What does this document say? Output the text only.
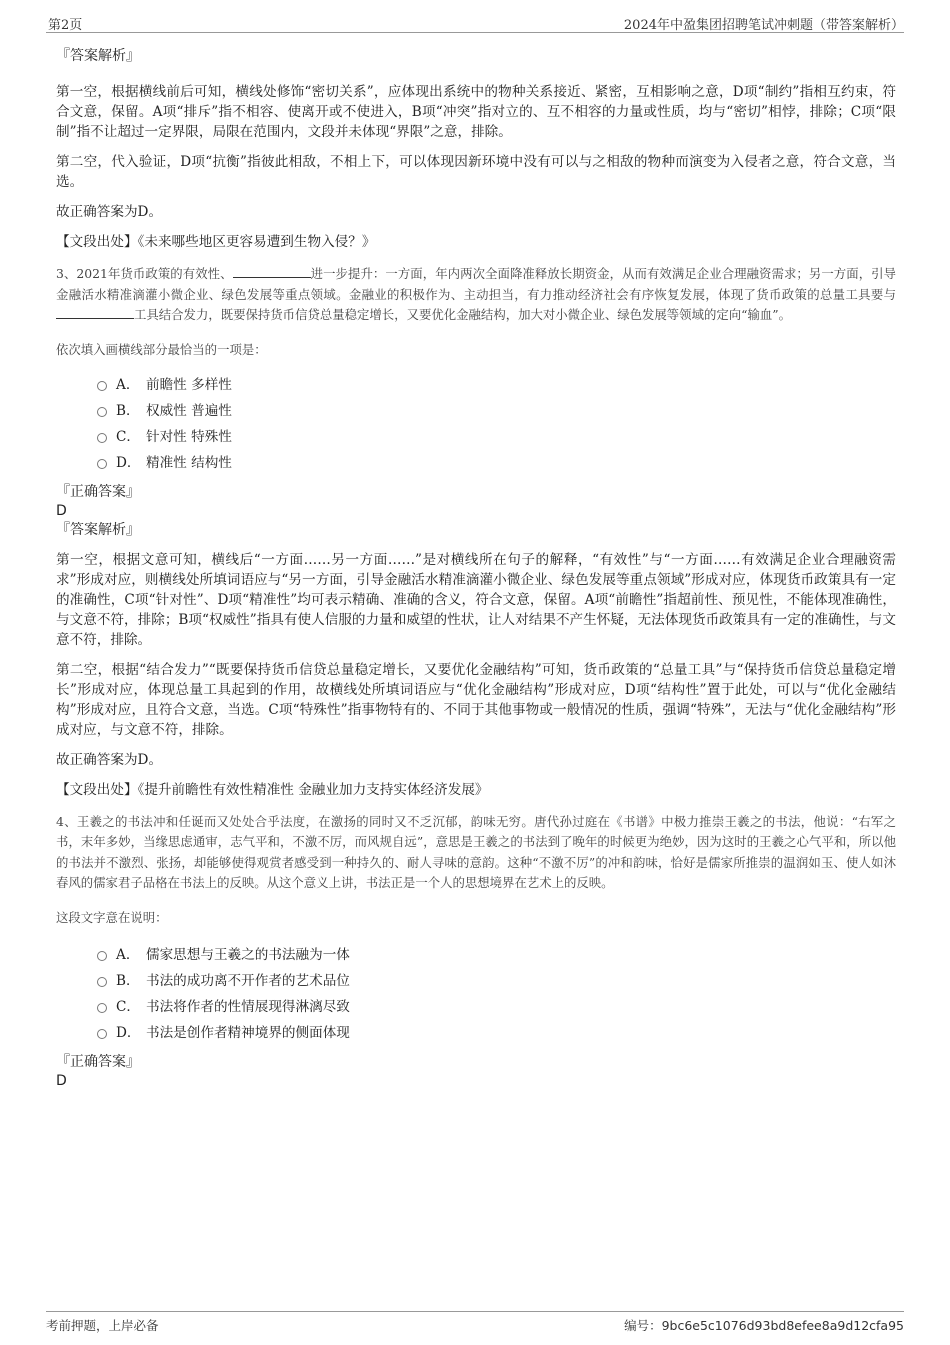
第2页	2024年中盈集团招聘笔试冲刺题（带答案解析）

『答案解析』

第一空，根据横线前后可知，横线处修饰“密切关系”，应体现出系统中的物种关系接近、紧密，互相影响之意，D项“制约”指相互约束，符合文意，保留。A项“排斥”指不相容、使离开或不使进入，B项“冲突”指对立的、互不相容的力量或性质，均与“密切”相悖，排除；C项“限制”指不让超过一定界限，局限在范围内，文段并未体现“界限”之意，排除。

第二空，代入验证，D项“抗衡”指彼此相敌，不相上下，可以体现因新环境中没有可以与之相敌的物种而演变为入侵者之意，符合文意，当选。

故正确答案为D。

【文段出处】《未来哪些地区更容易遭到生物入侵？》

3、2021年货币政策的有效性、	进一步提升：一方面，年内两次全面降准释放长期资金，从而有效满足企业合理融资需求；另一方面，引导金融活水精准滴灌小微企业、绿色发展等重点领域。金融业的积极作为、主动担当，有力推动经济社会有序恢复发展，体现了货币政策的总量工具要与工具结合发力，既要保持货币信贷总量稳定增长，又要优化金融结构，加大对小微企业、绿色发展等领域的定向“输血”。

依次填入画横线部分最恰当的一项是：

A． 前瞻性 多样性
B． 权威性 普遍性
C． 针对性 特殊性
D． 精准性 结构性

『正确答案』

D

『答案解析』

第一空，根据文意可知，横线后“一方面……另一方面……”是对横线所在句子的解释，“有效性”与“一方面……有效满足企业合理融资需求”形成对应，则横线处所填词语应与“另一方面，引导金融活水精准滴灌小微企业、绿色发展等重点领域”形成对应，体现货币政策具有一定的准确性，C项“针对性”、D项“精准性”均可表示精确、准确的含义，符合文意，保留。A项“前瞻性”指超前性、预见性，不能体现准确性，与文意不符，排除；B项“权威性”指具有使人信服的力量和威望的性状，让人对结果不产生怀疑，无法体现货币政策具有一定的准确性，与文意不符，排除。

第二空，根据“结合发力”“既要保持货币信贷总量稳定增长，又要优化金融结构”可知，货币政策的“总量工具”与“保持货币信贷总量稳定增长”形成对应，体现总量工具起到的作用，故横线处所填词语应与“优化金融结构”形成对应，D项“结构性”置于此处，可以与“优化金融结构”形成对应，且符合文意，当选。C项“特殊性”指事物特有的、不同于其他事物或一般情况的性质，强调“特殊”，无法与“优化金融结构”形成对应，与文意不符，排除。

故正确答案为D。

【文段出处】《提升前瞻性有效性精准性 金融业加力支持实体经济发展》

4、王羲之的书法冲和任诞而又处处合乎法度，在激扬的同时又不乏沉郁，韵味无穷。唐代孙过庭在《书谱》中极力推崇王羲之的书法，他说：“右军之书，末年多妙，当缘思虑通审，志气平和，不激不厉，而风规自远”，意思是王羲之的书法到了晚年的时候更为绝妙，因为这时的王羲之心气平和，所以他的书法并不激烈、张扬，却能够使得观赏者感受到一种持久的、耐人寻味的意韵。这种“不激不厉”的冲和韵味，恰好是儒家所推崇的温润如玉、使人如沐春风的儒家君子品格在书法上的反映。从这个意义上讲，书法正是一个人的思想境界在艺术上的反映。

这段文字意在说明：

A． 儒家思想与王羲之的书法融为一体
B． 书法的成功离不开作者的艺术品位
C． 书法将作者的性情展现得淋漓尽致
D． 书法是创作者精神境界的侧面体现

『正确答案』

D

考前押题，上岸必备	编号：9bc6e5c1076d93bd8efee8a9d12cfa95
